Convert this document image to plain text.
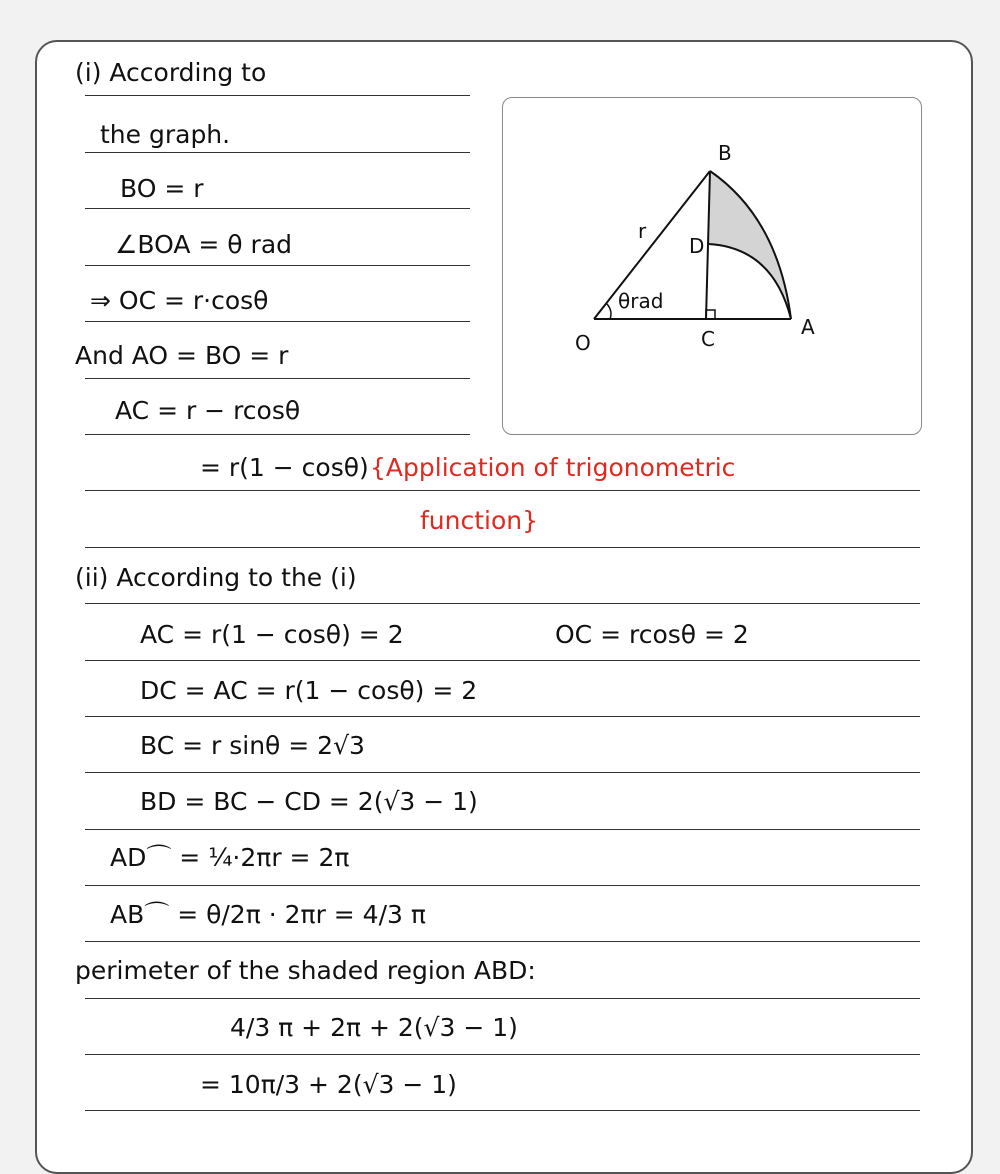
(i) According to
the graph.
BO = r
∠BOA = θ rad
⇒ OC = r·cosθ
And AO = BO = r
AC = r − rcosθ
= r(1 − cosθ) {Application of trigonometric
function}
B
O
A
C
D
r
θrad
(ii) According to the (i)
AC = r(1 − cosθ) = 2	OC = rcosθ = 2
DC = AC = r(1 − cosθ) = 2
BC = r sinθ = 2√3
BD = BC − CD = 2(√3 − 1)
AD⌒ = ¼·2πr = 2π
AB⌒ = θ/2π · 2πr = 4/3 π
perimeter of the shaded region ABD:
4/3 π + 2π + 2(√3 − 1)
= 10π/3 + 2(√3 − 1)
